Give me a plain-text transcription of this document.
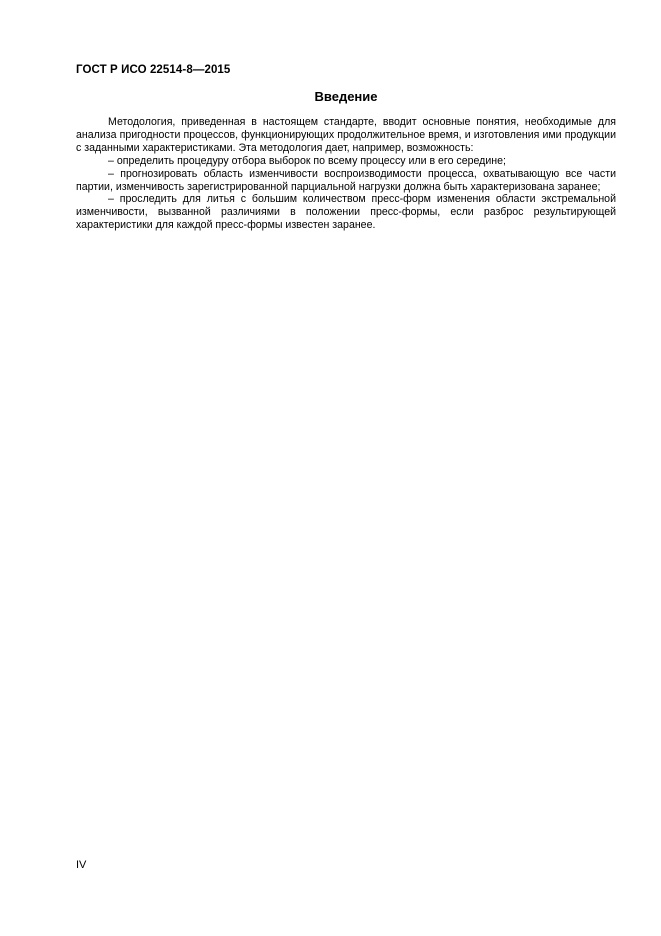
ГОСТ Р ИСО 22514-8—2015
Введение

Методология, приведенная в настоящем стандарте, вводит основные понятия, необходимые для анализа пригодности процессов, функционирующих продолжительное время, и изготовления ими продукции с заданными характеристиками. Эта методология дает, например, возможность:

– определить процедуру отбора выборок по всему процессу или в его середине;

– прогнозировать область изменчивости воспроизводимости процесса, охватывающую все части партии, изменчивость зарегистрированной парциальной нагрузки должна быть характеризована заранее;

– проследить для литья с большим количеством пресс-форм изменения области экстремальной изменчивости, вызванной различиями в положении пресс-формы, если разброс результирующей характеристики для каждой пресс-формы известен заранее.

IV
